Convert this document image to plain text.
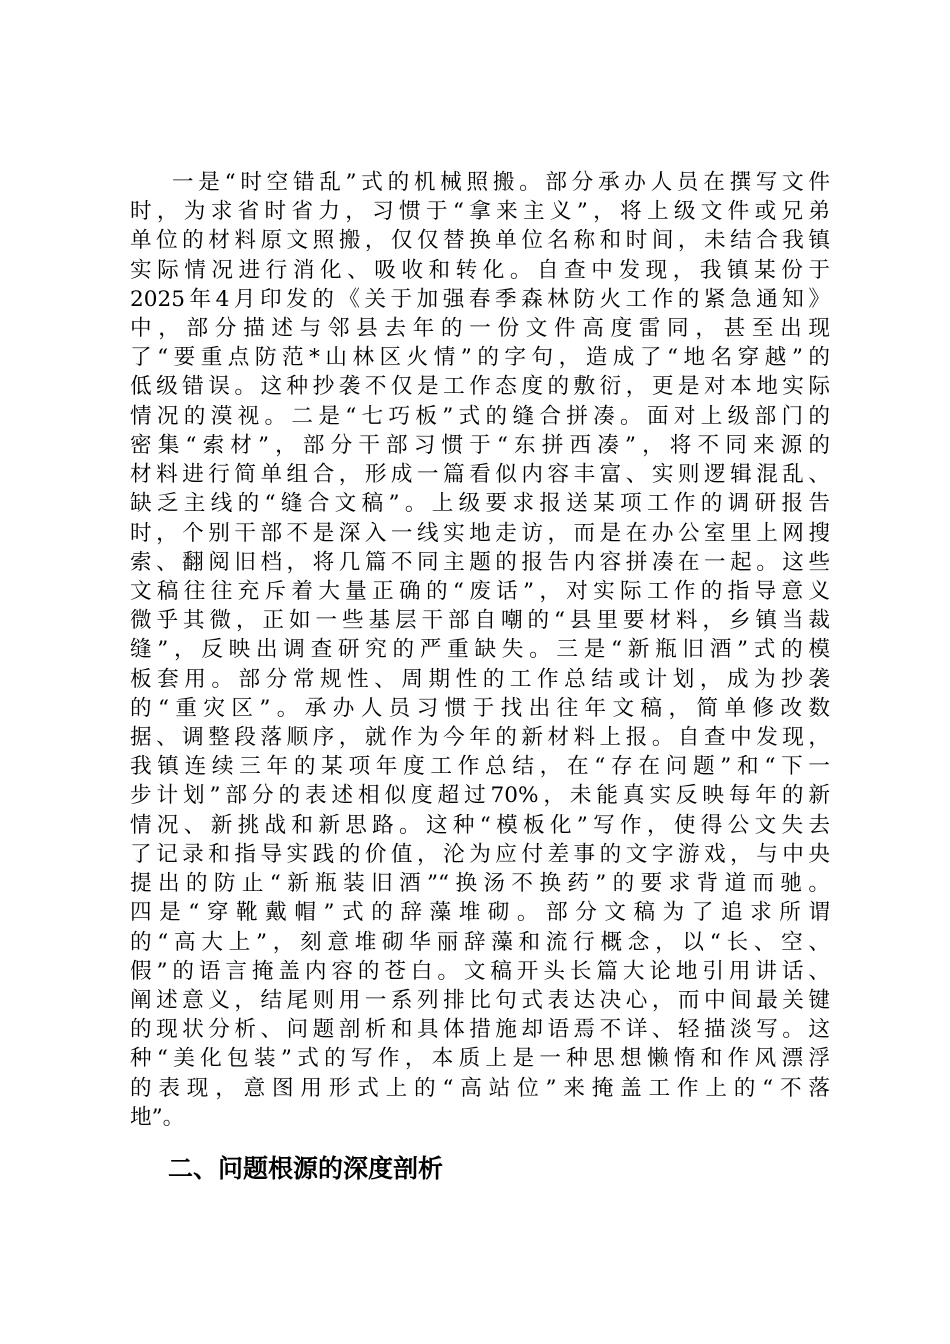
一是“时空错乱”式的机械照搬。部分承办人员在撰写文件
时，为求省时省力，习惯于“拿来主义”，将上级文件或兄弟
单位的材料原文照搬，仅仅替换单位名称和时间，未结合我镇
实际情况进行消化、吸收和转化。自查中发现，我镇某份于
2025年4月印发的《关于加强春季森林防火工作的紧急通知》
中，部分描述与邻县去年的一份文件高度雷同，甚至出现
了“要重点防范*山林区火情”的字句，造成了“地名穿越”的
低级错误。这种抄袭不仅是工作态度的敷衍，更是对本地实际
情况的漠视。二是“七巧板”式的缝合拼凑。面对上级部门的
密集“索材”，部分干部习惯于“东拼西凑”，将不同来源的
材料进行简单组合，形成一篇看似内容丰富、实则逻辑混乱、
缺乏主线的“缝合文稿”。上级要求报送某项工作的调研报告
时，个别干部不是深入一线实地走访，而是在办公室里上网搜
索、翻阅旧档，将几篇不同主题的报告内容拼凑在一起。这些
文稿往往充斥着大量正确的“废话”，对实际工作的指导意义
微乎其微，正如一些基层干部自嘲的“县里要材料，乡镇当裁
缝”，反映出调查研究的严重缺失。三是“新瓶旧酒”式的模
板套用。部分常规性、周期性的工作总结或计划，成为抄袭
的“重灾区”。承办人员习惯于找出往年文稿，简单修改数
据、调整段落顺序，就作为今年的新材料上报。自查中发现，
我镇连续三年的某项年度工作总结，在“存在问题”和“下一
步计划”部分的表述相似度超过70%，未能真实反映每年的新
情况、新挑战和新思路。这种“模板化”写作，使得公文失去
了记录和指导实践的价值，沦为应付差事的文字游戏，与中央
提出的防止“新瓶装旧酒”“换汤不换药”的要求背道而驰。
四是“穿靴戴帽”式的辞藻堆砌。部分文稿为了追求所谓
的“高大上”，刻意堆砌华丽辞藻和流行概念，以“长、空、
假”的语言掩盖内容的苍白。文稿开头长篇大论地引用讲话、
阐述意义，结尾则用一系列排比句式表达决心，而中间最关键
的现状分析、问题剖析和具体措施却语焉不详、轻描淡写。这
种“美化包装”式的写作，本质上是一种思想懒惰和作风漂浮
的表现，意图用形式上的“高站位”来掩盖工作上的“不落
地”。
二、问题根源的深度剖析
